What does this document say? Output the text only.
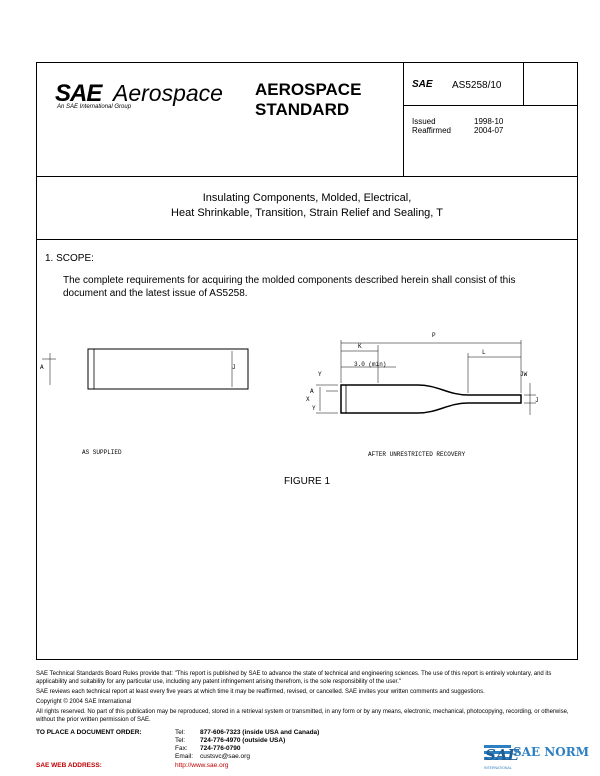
SAE Aerospace
An SAE International Group
AEROSPACE
STANDARD
SAE AS5258/10
Issued	1998-10
Reaffirmed	2004-07
Insulating Components, Molded, Electrical,
Heat Shrinkable, Transition, Strain Relief and Sealing, T
1. SCOPE:
The complete requirements for acquiring the molded components described herein shall consist of this
document and the latest issue of AS5258.
A	J
P
K
L
3.0 (min)
Y	JW
A
X	J
Y
AS SUPPLIED	AFTER UNRESTRICTED RECOVERY
FIGURE 1
SAE Technical Standards Board Rules provide that: "This report is published by SAE to advance the state of technical and engineering sciences. The use of this report is entirely voluntary, and its applicability and suitability for any particular use, including any patent infringement arising therefrom, is the sole responsibility of the user."
SAE reviews each technical report at least every five years at which time it may be reaffirmed, revised, or cancelled. SAE invites your written comments and suggestions.
Copyright © 2004 SAE International
All rights reserved. No part of this publication may be reproduced, stored in a retrieval system or transmitted, in any form or by any means, electronic, mechanical, photocopying, recording, or otherwise, without the prior written permission of SAE.
TO PLACE A DOCUMENT ORDER:	Tel: 877-606-7323 (inside USA and Canada)
Tel: 724-776-4970 (outside USA)
Fax: 724-776-0790
Email: custsvc@sae.org
SAE WEB ADDRESS:	http://www.sae.org
SAE
SAE NORM
INTERNATIONAL
